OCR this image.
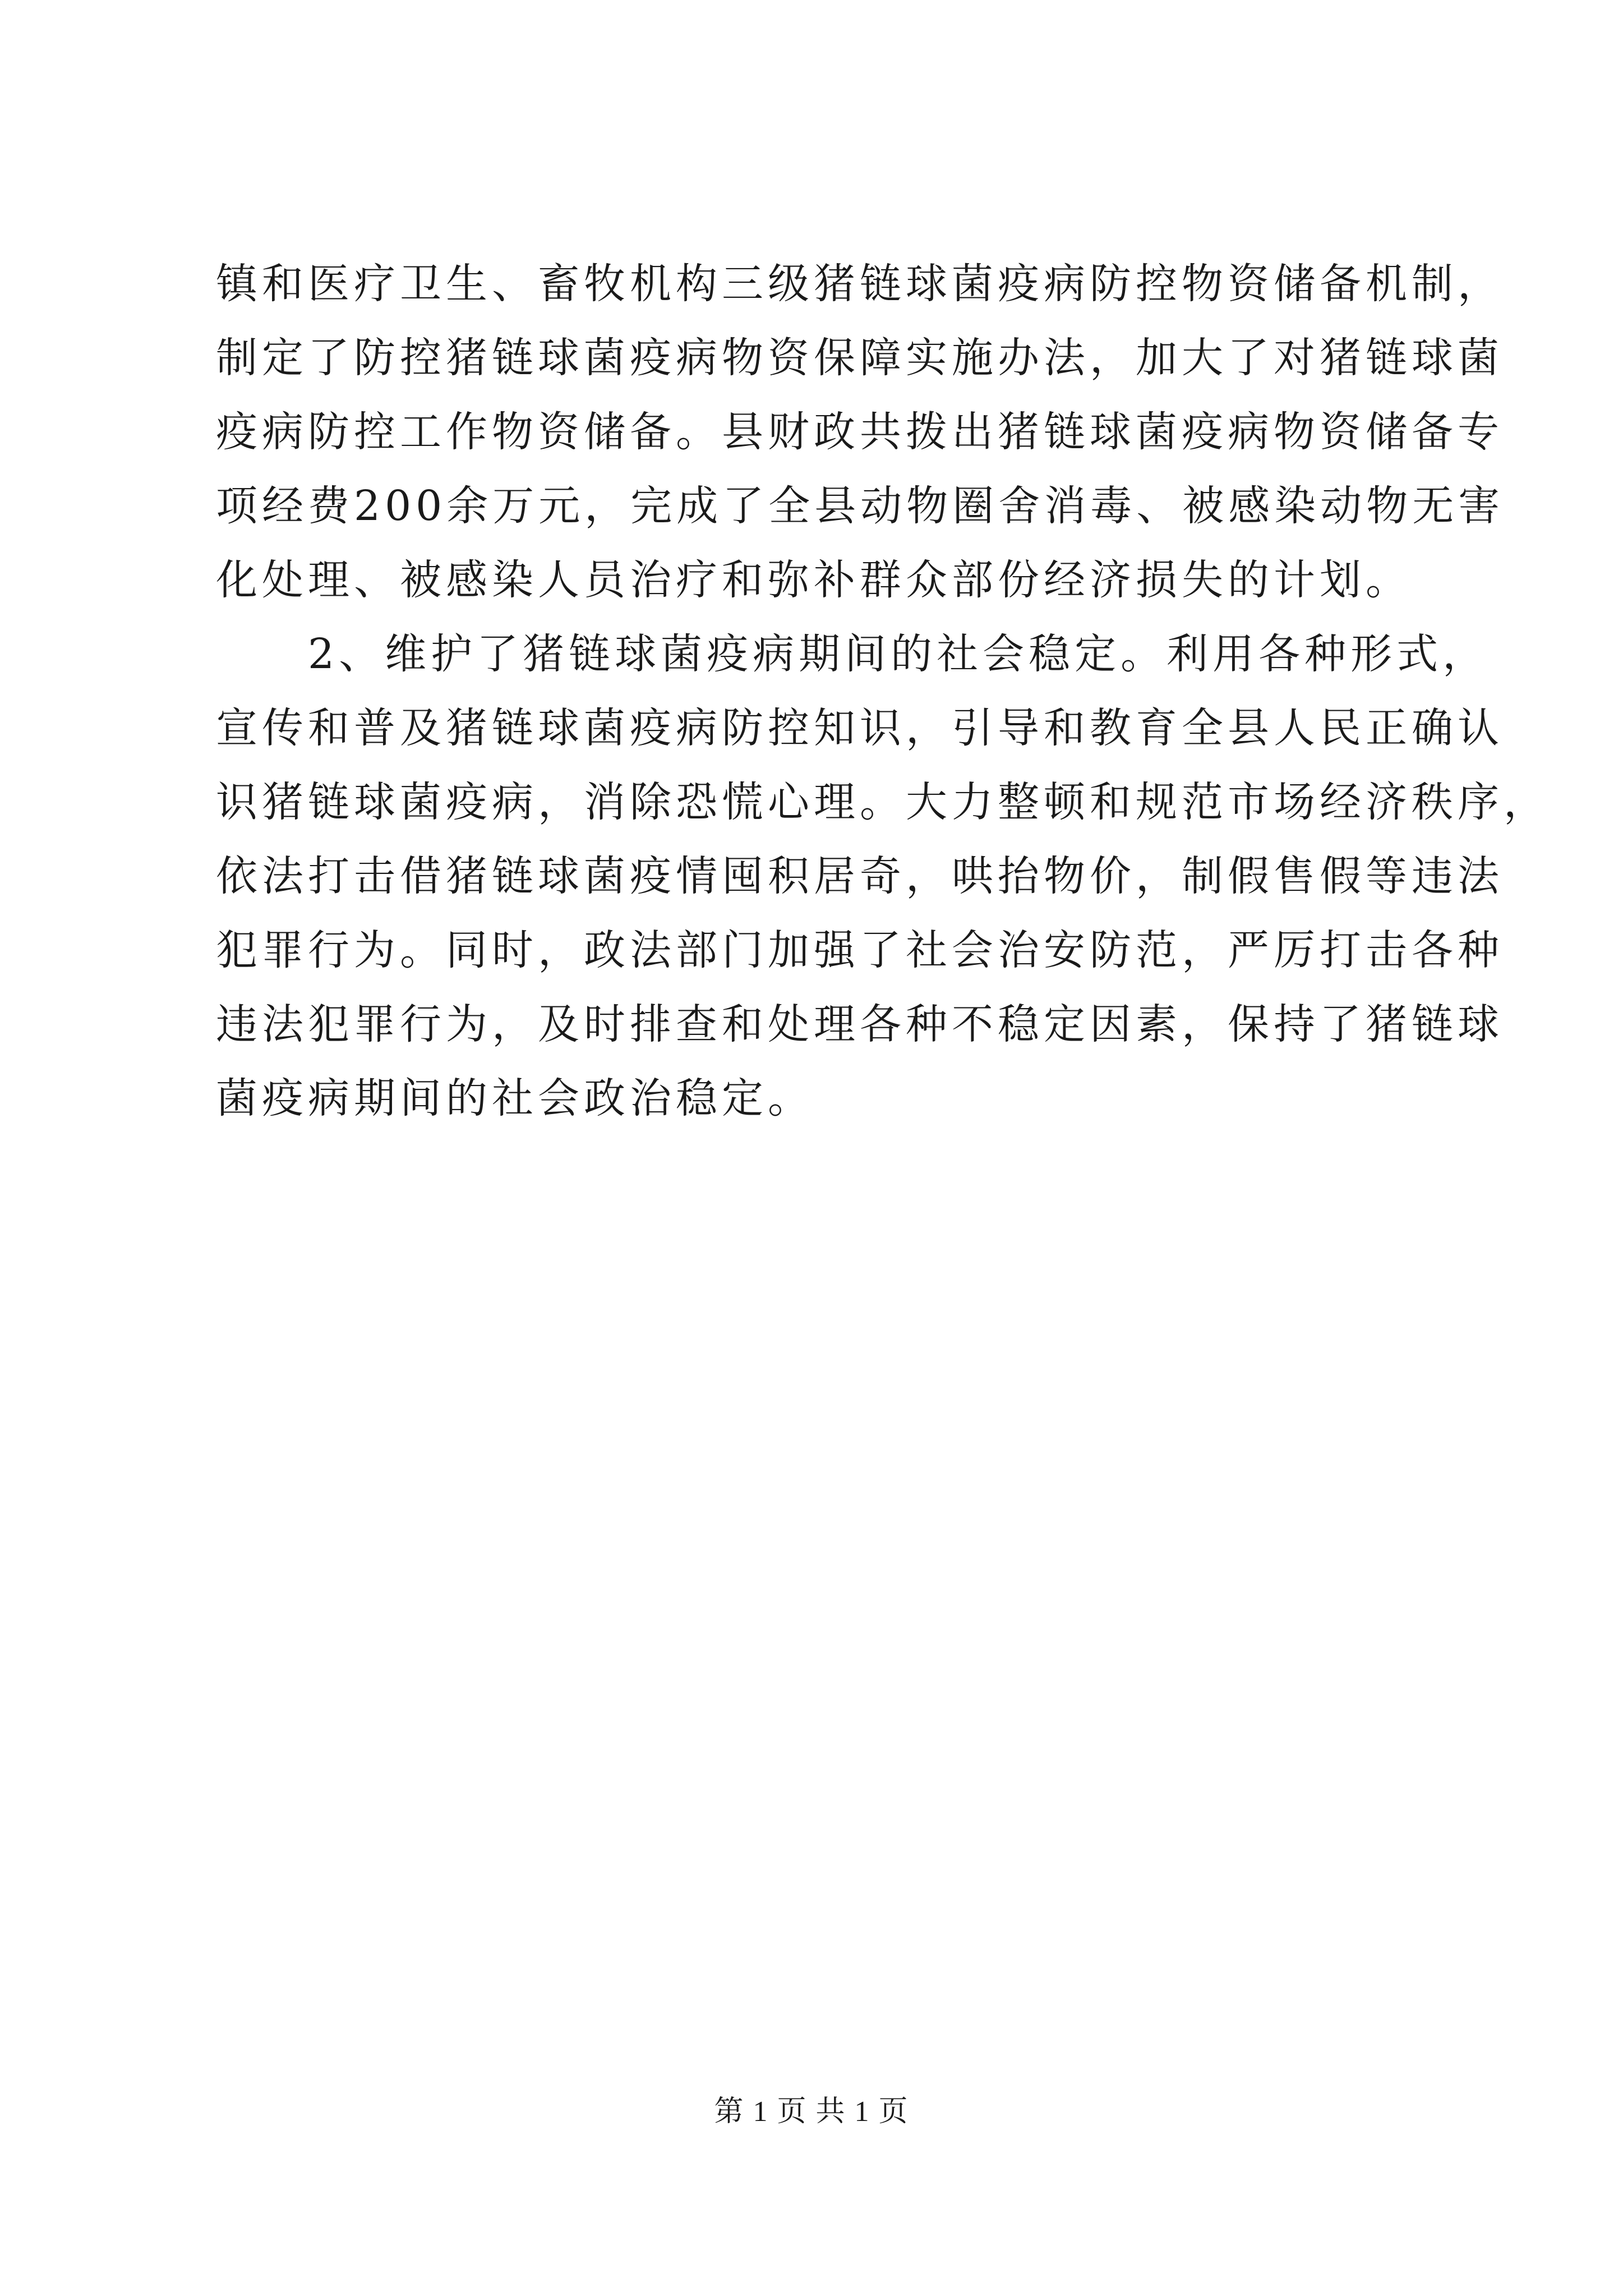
镇和医疗卫生、畜牧机构三级猪链球菌疫病防控物资储备机制，
制定了防控猪链球菌疫病物资保障实施办法，加大了对猪链球菌
疫病防控工作物资储备。县财政共拨出猪链球菌疫病物资储备专
项经费200余万元，完成了全县动物圈舍消毒、被感染动物无害
化处理、被感染人员治疗和弥补群众部份经济损失的计划。
　　2、维护了猪链球菌疫病期间的社会稳定。利用各种形式，
宣传和普及猪链球菌疫病防控知识，引导和教育全县人民正确认
识猪链球菌疫病，消除恐慌心理。大力整顿和规范市场经济秩序，
依法打击借猪链球菌疫情囤积居奇，哄抬物价，制假售假等违法
犯罪行为。同时，政法部门加强了社会治安防范，严厉打击各种
违法犯罪行为，及时排查和处理各种不稳定因素，保持了猪链球
菌疫病期间的社会政治稳定。
第 1 页 共 1 页
